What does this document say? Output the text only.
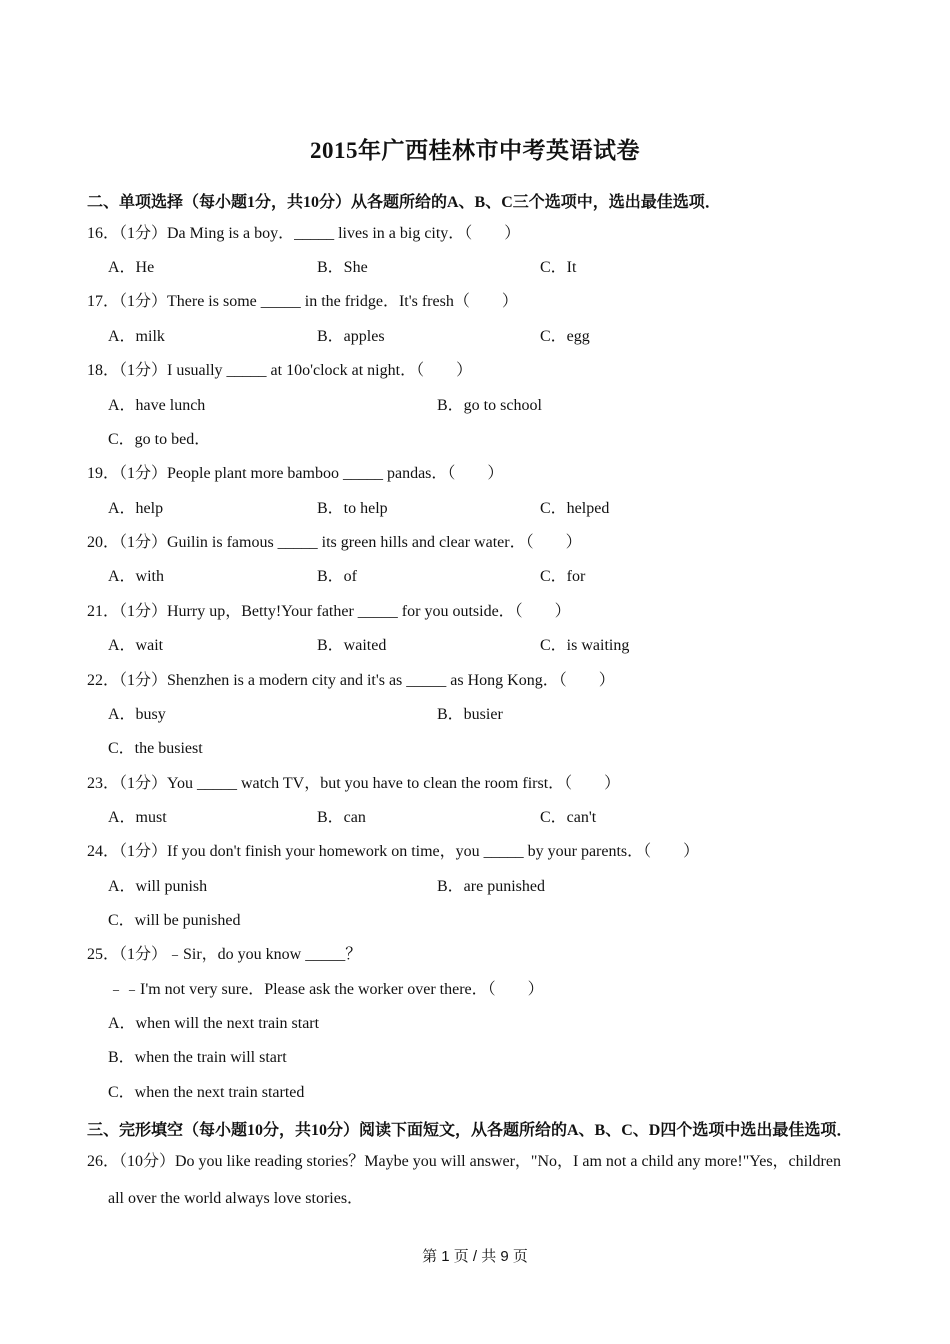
2015年广西桂林市中考英语试卷
二、单项选择（每小题1分，共10分）从各题所给的A、B、C三个选项中，选出最佳选项．
16．（1分）Da Ming is a boy．_____ lives in a big city．（　　）
A．He	B．She	C．It
17．（1分）There is some _____ in the fridge．It's fresh（　　）
A．milk	B．apples	C．egg
18．（1分）I usually _____ at 10o'clock at night．（　　）
A．have lunch	B．go to school
C．go to bed．
19．（1分）People plant more bamboo _____ pandas．（　　）
A．help	B．to help	C．helped
20．（1分）Guilin is famous _____ its green hills and clear water．（　　）
A．with	B．of	C．for
21．（1分）Hurry up，Betty!Your father _____ for you outside．（　　）
A．wait	B．waited	C．is waiting
22．（1分）Shenzhen is a modern city and it's as _____ as Hong Kong．（　　）
A．busy	B．busier
C．the busiest
23．（1分）You _____ watch TV，but you have to clean the room first．（　　）
A．must	B．can	C．can't
24．（1分）If you don't finish your homework on time，you _____ by your parents．（　　）
A．will punish	B．are punished
C．will be punished
25．（1分）﹣Sir，do you know _____？
﹣﹣I'm not very sure．Please ask the worker over there．（　　）
A．when will the next train start
B．when the train will start
C．when the next train started
三、完形填空（每小题10分，共10分）阅读下面短文，从各题所给的A、B、C、D四个选项中选出最佳选项．
26．（10分）Do you like reading stories？Maybe you will answer，"No，I am not a child any more!"Yes，children
all over the world always love stories．
第 1 页 / 共 9 页
